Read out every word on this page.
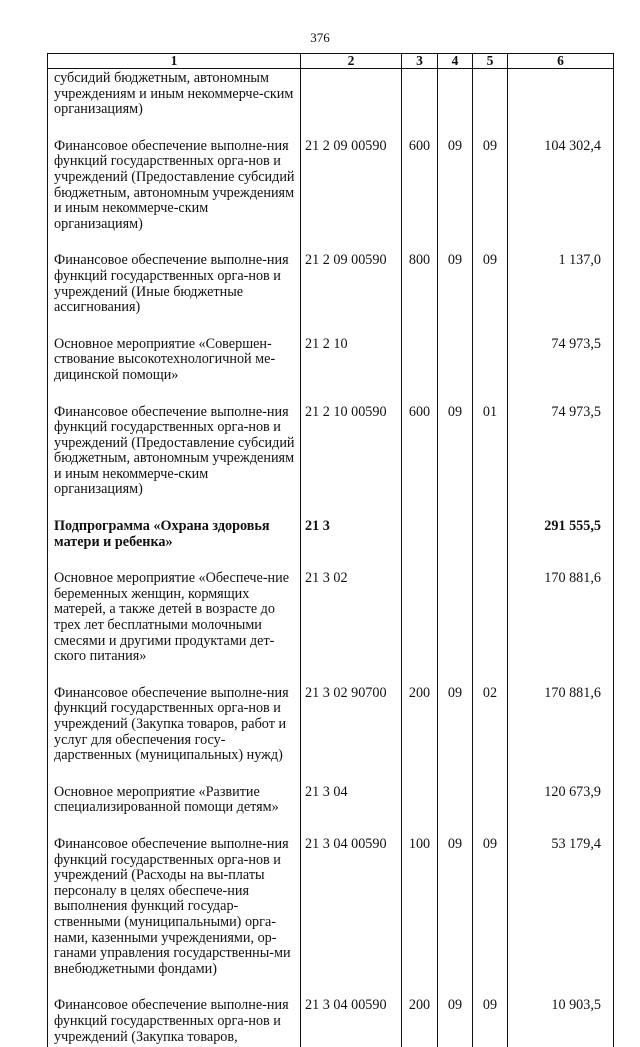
376
1	2	3	4	5	6
субсидий бюджетным, автономным учреждениям и иным некоммерче-ским организациям)					

Финансовое обеспечение выполне-ния функций государственных орга-нов и учреждений (Предоставление субсидий бюджетным, автономным учреждениям и иным некоммерче-ским организациям)	21 2 09 00590	600	09	09	104 302,4

Финансовое обеспечение выполне-ния функций государственных орга-нов и учреждений (Иные бюджетные ассигнования)	21 2 09 00590	800	09	09	1 137,0

Основное мероприятие «Совершен-ствование высокотехнологичной ме-дицинской помощи»	21 2 10				74 973,5

Финансовое обеспечение выполне-ния функций государственных орга-нов и учреждений (Предоставление субсидий бюджетным, автономным учреждениям и иным некоммерче-ским организациям)	21 2 10 00590	600	09	01	74 973,5

Подпрограмма «Охрана здоровья матери и ребенка»	21 3				291 555,5

Основное мероприятие «Обеспече-ние беременных женщин, кормящих матерей, а также детей в возрасте до трех лет бесплатными молочными смесями и другими продуктами дет-ского питания»	21 3 02				170 881,6

Финансовое обеспечение выполне-ния функций государственных орга-нов и учреждений (Закупка товаров, работ и услуг для обеспечения госу-дарственных (муниципальных) нужд)	21 3 02 90700	200	09	02	170 881,6

Основное мероприятие «Развитие специализированной помощи детям»	21 3 04				120 673,9

Финансовое обеспечение выполне-ния функций государственных орга-нов и учреждений (Расходы на вы-платы персоналу в целях обеспече-ния выполнения функций государ-ственными (муниципальными) орга-нами, казенными учреждениями, ор-ганами управления государственны-ми внебюджетными фондами)	21 3 04 00590	100	09	09	53 179,4

Финансовое обеспечение выполне-ния функций государственных орга-нов и учреждений (Закупка товаров,	21 3 04 00590	200	09	09	10 903,5
